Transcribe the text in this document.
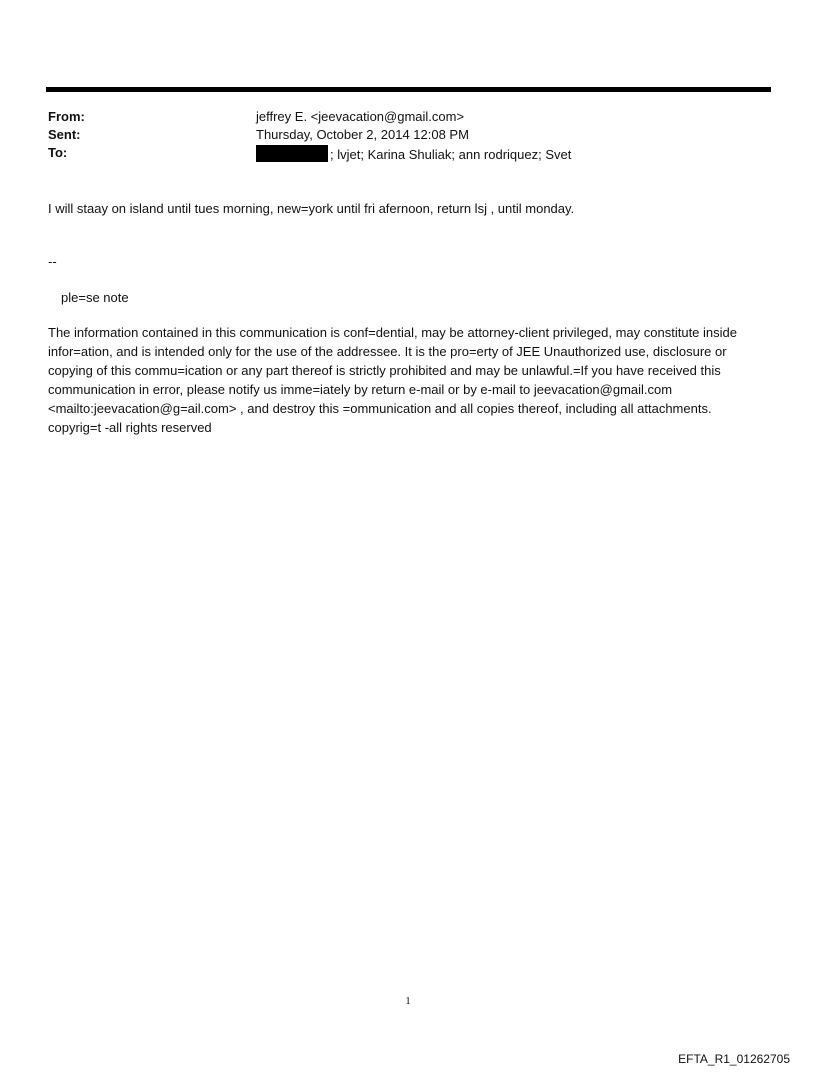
From:	jeffrey E. <jeevacation@gmail.com>
Sent:	Thursday, October 2, 2014 12:08 PM
To:	; lvjet; Karina Shuliak; ann rodriquez; Svet
I will staay on island until tues morning, new=york until fri afernoon, return lsj , until monday.
--
ple=se note
The information contained in this communication is conf=dential, may be attorney-client privileged, may constitute inside infor=ation, and is intended only for the use of the addressee. It is the pro=erty of JEE Unauthorized use, disclosure or copying of this commu=ication or any part thereof is strictly prohibited and may be unlawful.=If you have received this communication in error, please notify us imme=iately by return e-mail or by e-mail to jeevacation@gmail.com <mailto:jeevacation@g=ail.com> , and destroy this =ommunication and all copies thereof, including all attachments. copyrig=t -all rights reserved
1
EFTA_R1_01262705
